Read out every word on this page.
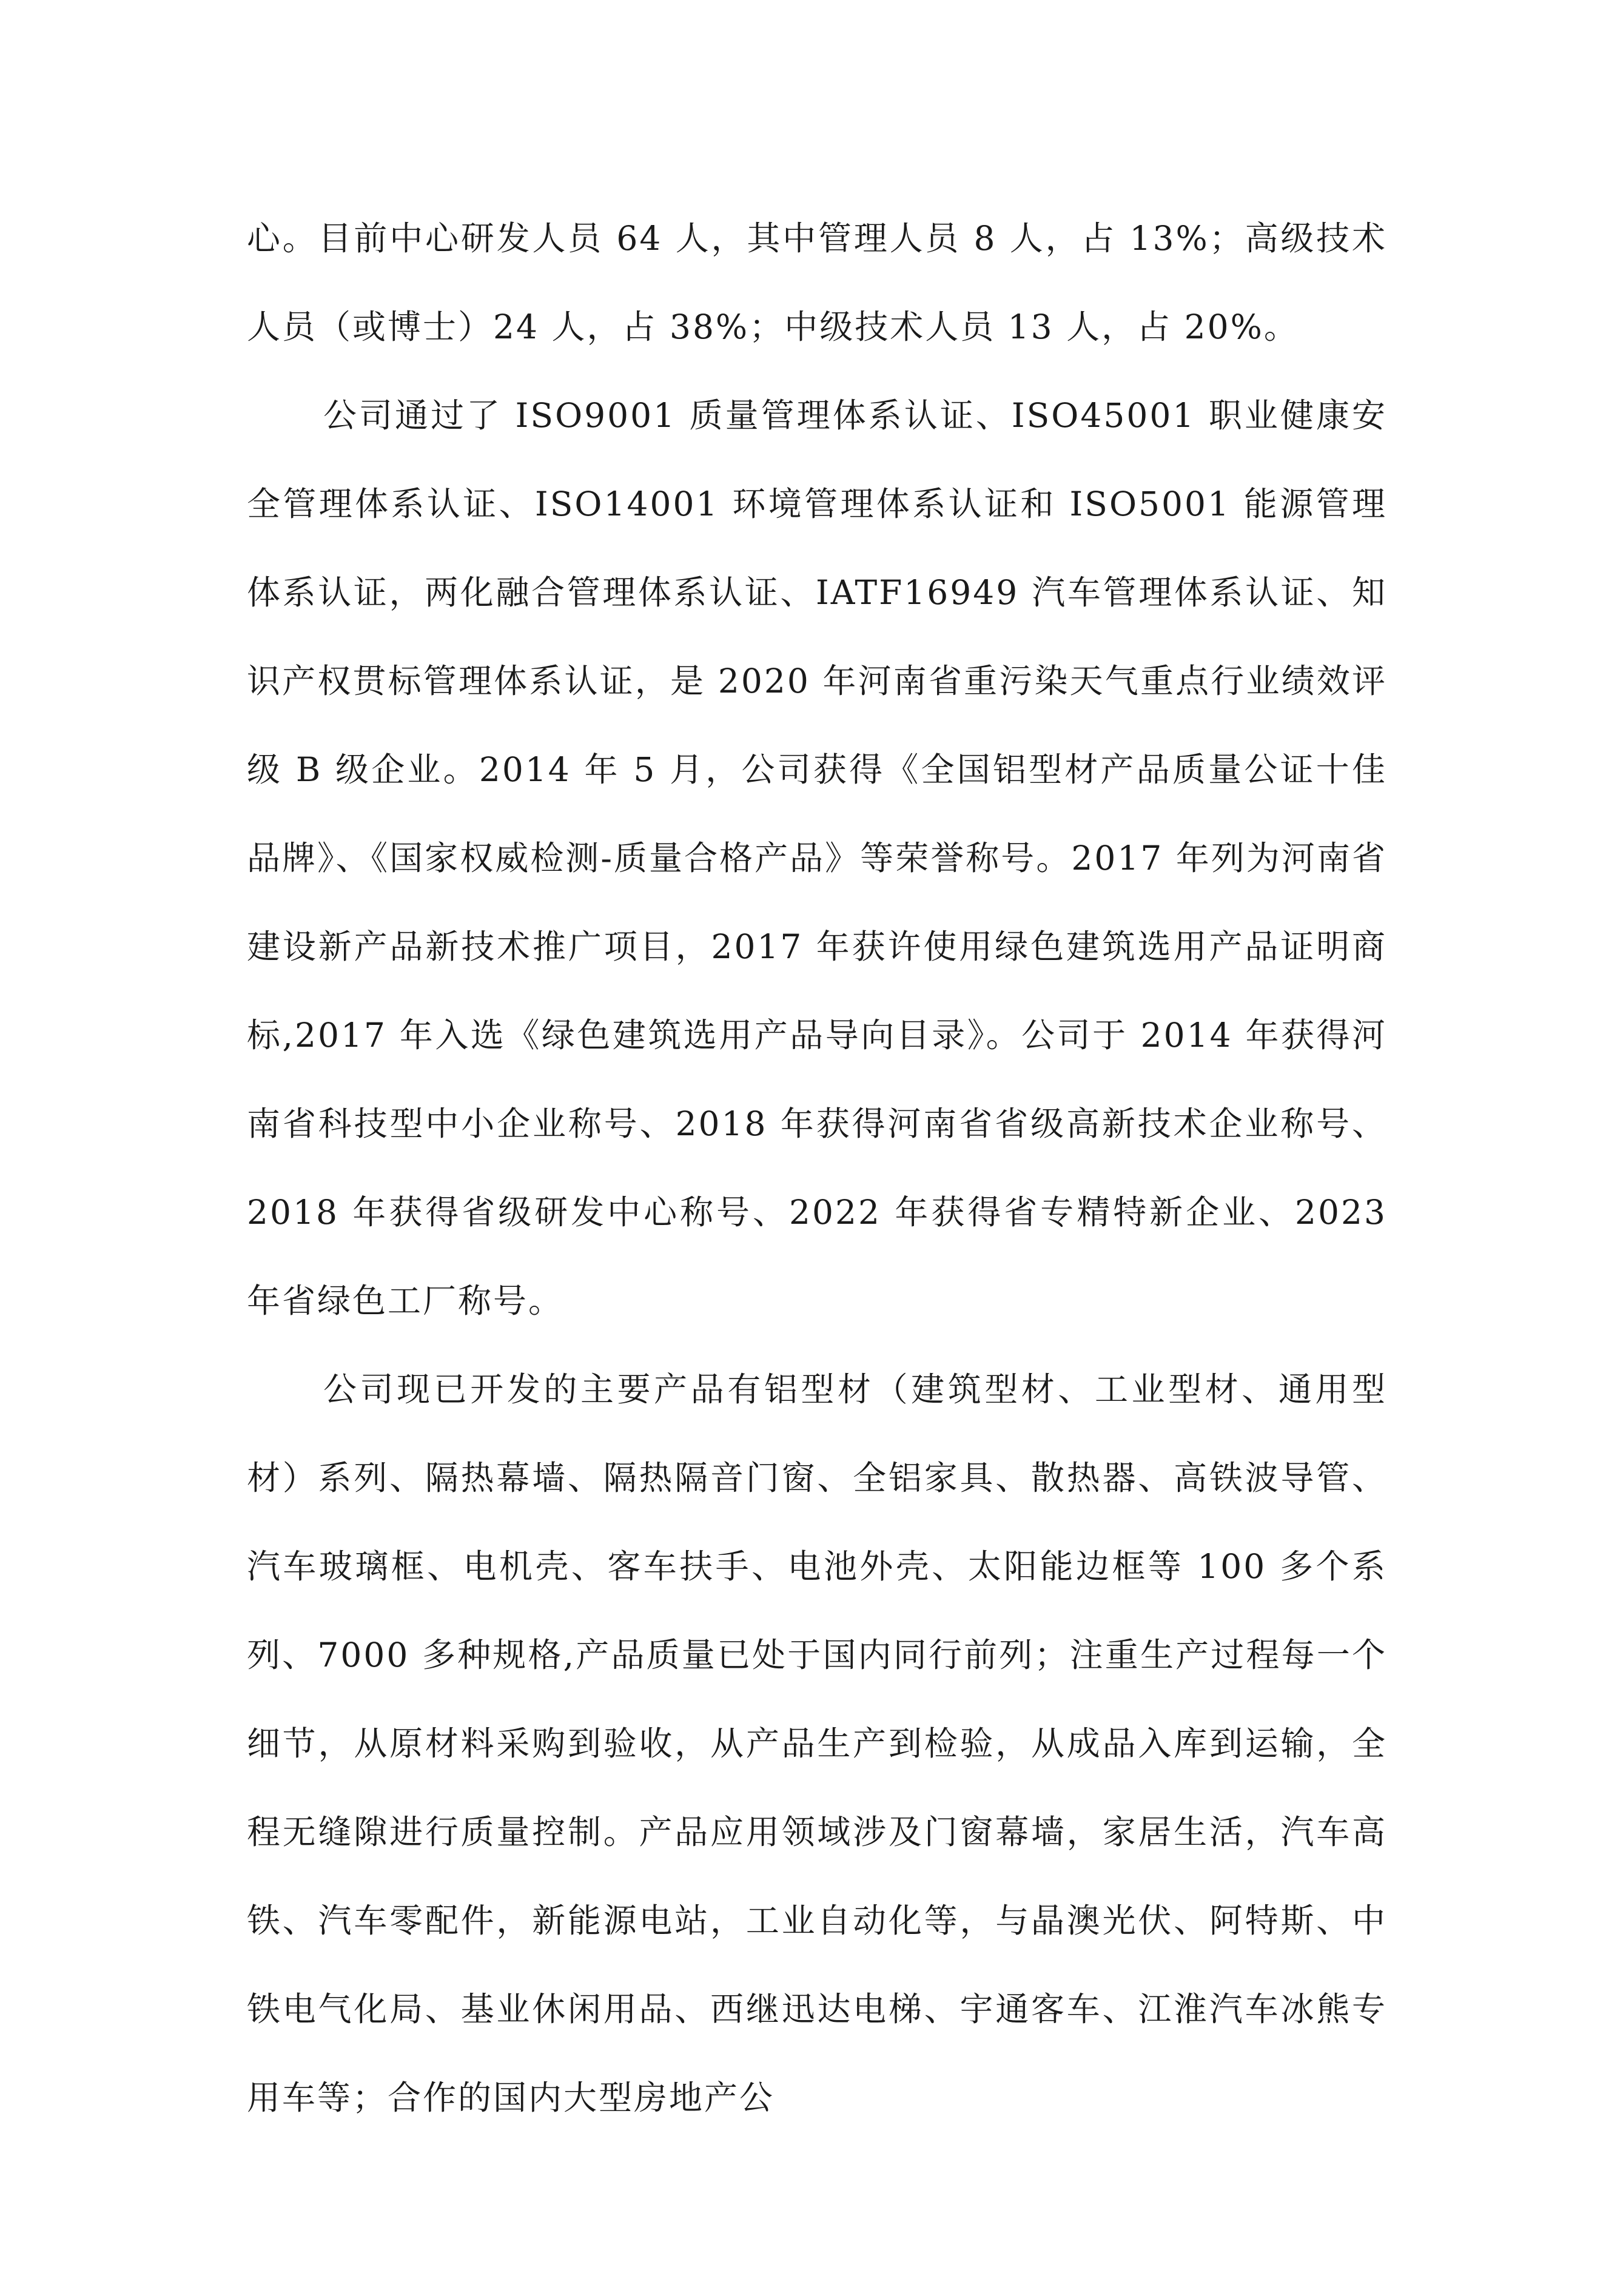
心。目前中心研发人员 64 人，其中管理人员 8 人，占 13%；高级技术人员（或博士）24 人，占 38%；中级技术人员 13 人，占 20%。

公司通过了 ISO9001 质量管理体系认证、ISO45001 职业健康安全管理体系认证、ISO14001 环境管理体系认证和 ISO5001 能源管理体系认证，两化融合管理体系认证、IATF16949 汽车管理体系认证、知识产权贯标管理体系认证，是 2020 年河南省重污染天气重点行业绩效评级 B 级企业。2014 年 5 月，公司获得《全国铝型材产品质量公证十佳品牌》、《国家权威检测-质量合格产品》等荣誉称号。2017 年列为河南省建设新产品新技术推广项目，2017 年获许使用绿色建筑选用产品证明商标,2017 年入选《绿色建筑选用产品导向目录》。公司于 2014 年获得河南省科技型中小企业称号、2018 年获得河南省省级高新技术企业称号、2018 年获得省级研发中心称号、2022 年获得省专精特新企业、2023 年省绿色工厂称号。

公司现已开发的主要产品有铝型材（建筑型材、工业型材、通用型材）系列、隔热幕墙、隔热隔音门窗、全铝家具、散热器、高铁波导管、汽车玻璃框、电机壳、客车扶手、电池外壳、太阳能边框等 100 多个系列、7000 多种规格,产品质量已处于国内同行前列；注重生产过程每一个细节，从原材料采购到验收，从产品生产到检验，从成品入库到运输，全程无缝隙进行质量控制。产品应用领域涉及门窗幕墙，家居生活，汽车高铁、汽车零配件，新能源电站，工业自动化等，与晶澳光伏、阿特斯、中铁电气化局、基业休闲用品、西继迅达电梯、宇通客车、江淮汽车冰熊专用车等；合作的国内大型房地产公
